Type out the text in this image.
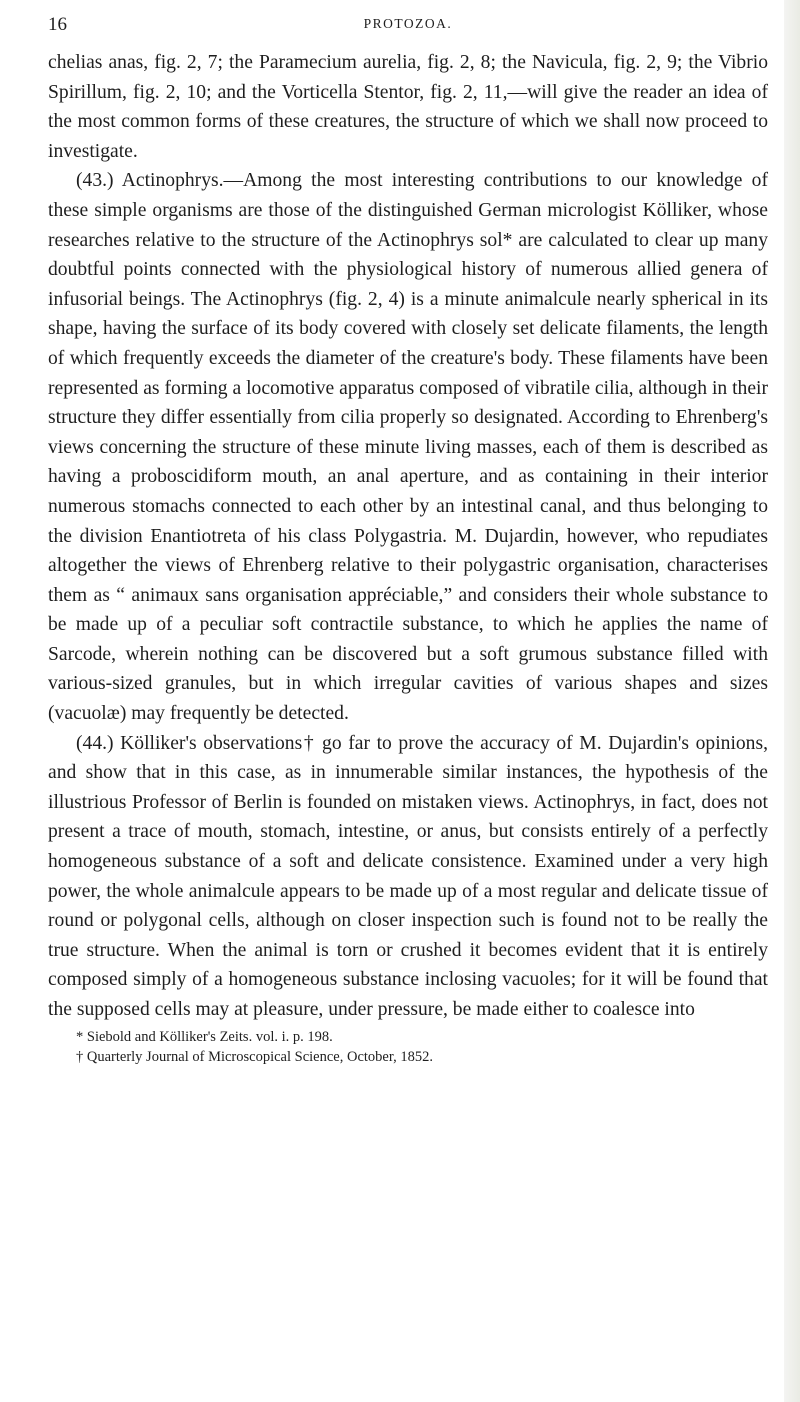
16	PROTOZOA.

chelias anas, fig. 2, 7; the Paramecium aurelia, fig. 2, 8; the Navicula, fig. 2, 9; the Vibrio Spirillum, fig. 2, 10; and the Vorticella Stentor, fig. 2, 11,—will give the reader an idea of the most common forms of these creatures, the structure of which we shall now proceed to investigate.

(43.) Actinophrys.—Among the most interesting contributions to our knowledge of these simple organisms are those of the distinguished German micrologist Kölliker, whose researches relative to the structure of the Actinophrys sol* are calculated to clear up many doubtful points connected with the physiological history of numerous allied genera of infusorial beings. The Actinophrys (fig. 2, 4) is a minute animalcule nearly spherical in its shape, having the surface of its body covered with closely set delicate filaments, the length of which frequently exceeds the diameter of the creature's body. These filaments have been represented as forming a locomotive apparatus composed of vibratile cilia, although in their structure they differ essentially from cilia properly so designated. According to Ehrenberg's views concerning the structure of these minute living masses, each of them is described as having a proboscidiform mouth, an anal aperture, and as containing in their interior numerous stomachs connected to each other by an intestinal canal, and thus belonging to the division Enantiotreta of his class Polygastria. M. Dujardin, however, who repudiates altogether the views of Ehrenberg relative to their polygastric organisation, characterises them as “ animaux sans organisation appréciable,” and considers their whole substance to be made up of a peculiar soft contractile substance, to which he applies the name of Sarcode, wherein nothing can be discovered but a soft grumous substance filled with various-sized granules, but in which irregular cavities of various shapes and sizes (vacuolæ) may frequently be detected.

(44.) Kölliker's observations† go far to prove the accuracy of M. Dujardin's opinions, and show that in this case, as in innumerable similar instances, the hypothesis of the illustrious Professor of Berlin is founded on mistaken views. Actinophrys, in fact, does not present a trace of mouth, stomach, intestine, or anus, but consists entirely of a perfectly homogeneous substance of a soft and delicate consistence. Examined under a very high power, the whole animalcule appears to be made up of a most regular and delicate tissue of round or polygonal cells, although on closer inspection such is found not to be really the true structure. When the animal is torn or crushed it becomes evident that it is entirely composed simply of a homogeneous substance inclosing vacuoles; for it will be found that the supposed cells may at pleasure, under pressure, be made either to coalesce into

* Siebold and Kölliker's Zeits. vol. i. p. 198.

† Quarterly Journal of Microscopical Science, October, 1852.
